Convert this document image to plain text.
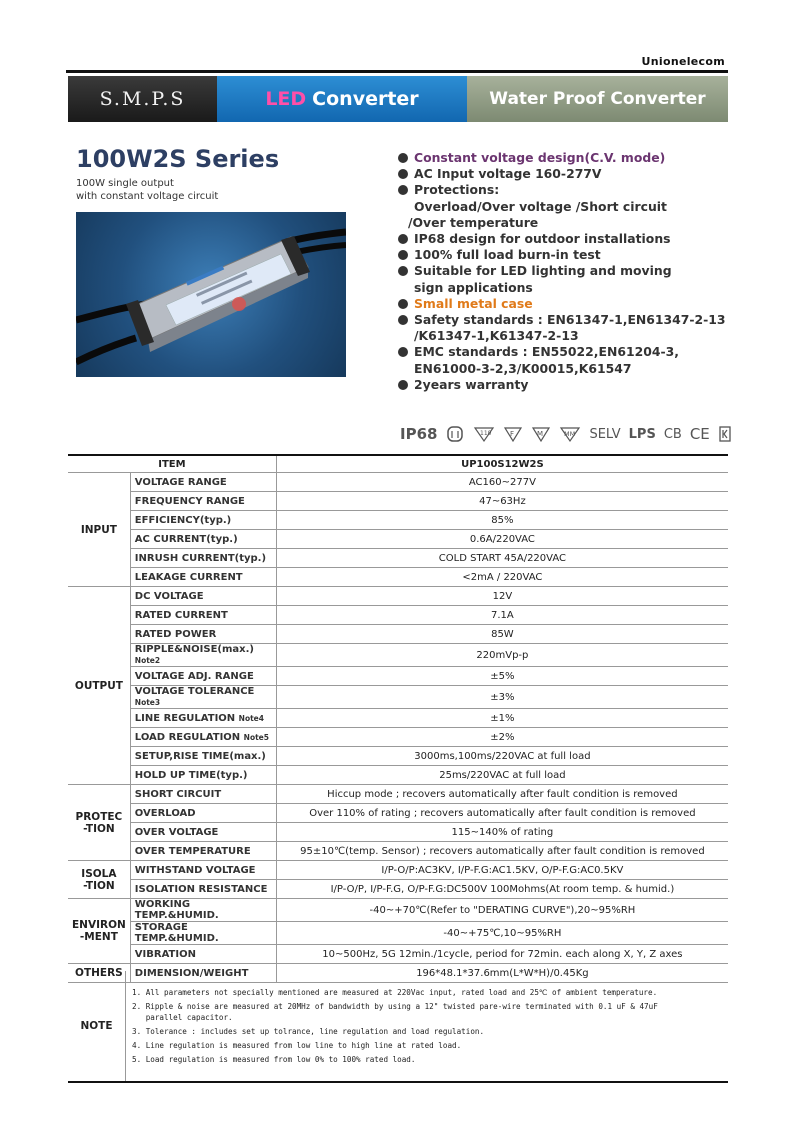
Unionelecom
S.M.P.S	LED Converter	Water Proof Converter
100W2S Series
100W single output
with constant voltage circuit
Constant voltage design(C.V. mode)
AC Input voltage 160-277V
Protections:
Overload/Over voltage /Short circuit
/Over temperature
IP68 design for outdoor installations
100% full load burn-in test
Suitable for LED lighting and moving
sign applications
Small metal case
Safety standards : EN61347-1,EN61347-2-13
/K61347-1,K61347-2-13
EMC standards : EN55022,EN61204-3,
EN61000-3-2,3/K00015,K61547
2years warranty
IP68	110	F	M	MM SELV LPS CB CE
ITEM		UP100S12W2S
INPUT	VOLTAGE RANGE	AC160~277V
	FREQUENCY RANGE	47~63Hz
	EFFICIENCY(typ.)	85%
	AC CURRENT(typ.)	0.6A/220VAC
	INRUSH CURRENT(typ.)	COLD START 45A/220VAC
	LEAKAGE CURRENT	<2mA / 220VAC
OUTPUT	DC VOLTAGE	12V
	RATED CURRENT	7.1A
	RATED POWER	85W
	RIPPLE&NOISE(max.) Note2	220mVp-p
	VOLTAGE ADJ. RANGE	±5%
	VOLTAGE TOLERANCE Note3	±3%
	LINE REGULATION Note4	±1%
	LOAD REGULATION Note5	±2%
	SETUP,RISE TIME(max.)	3000ms,100ms/220VAC at full load
	HOLD UP TIME(typ.)	25ms/220VAC at full load
PROTEC
-TION	SHORT CIRCUIT	Hiccup mode ; recovers automatically after fault condition is removed
	OVERLOAD	Over 110% of rating ; recovers automatically after fault condition is removed
	OVER VOLTAGE	115~140% of rating
	OVER TEMPERATURE	95±10℃(temp. Sensor) ; recovers automatically after fault condition is removed
ISOLA
-TION	WITHSTAND VOLTAGE	I/P-O/P:AC3KV, I/P-F.G:AC1.5KV, O/P-F.G:AC0.5KV
	ISOLATION RESISTANCE	I/P-O/P, I/P-F.G, O/P-F.G:DC500V 100Mohms(At room temp. & humid.)
ENVIRON
-MENT	WORKING TEMP.&HUMID.	-40~+70℃(Refer to "DERATING CURVE"),20~95%RH
	STORAGE TEMP.&HUMID.	-40~+75℃,10~95%RH
	VIBRATION	10~500Hz, 5G 12min./1cycle, period for 72min. each along X, Y, Z axes
OTHERS	DIMENSION/WEIGHT	196*48.1*37.6mm(L*W*H)/0.45Kg
NOTE
1. All parameters not specially mentioned are measured at 220Vac input, rated load and 25℃ of ambient temperature.
2. Ripple & noise are measured at 20MHz of bandwidth by using a 12" twisted pare-wire terminated with 0.1 uF & 47uF
parallel capacitor.
3. Tolerance : includes set up tolrance, line regulation and load regulation.
4. Line regulation is measured from low line to high line at rated load.
5. Load regulation is measured from low 0% to 100% rated load.
